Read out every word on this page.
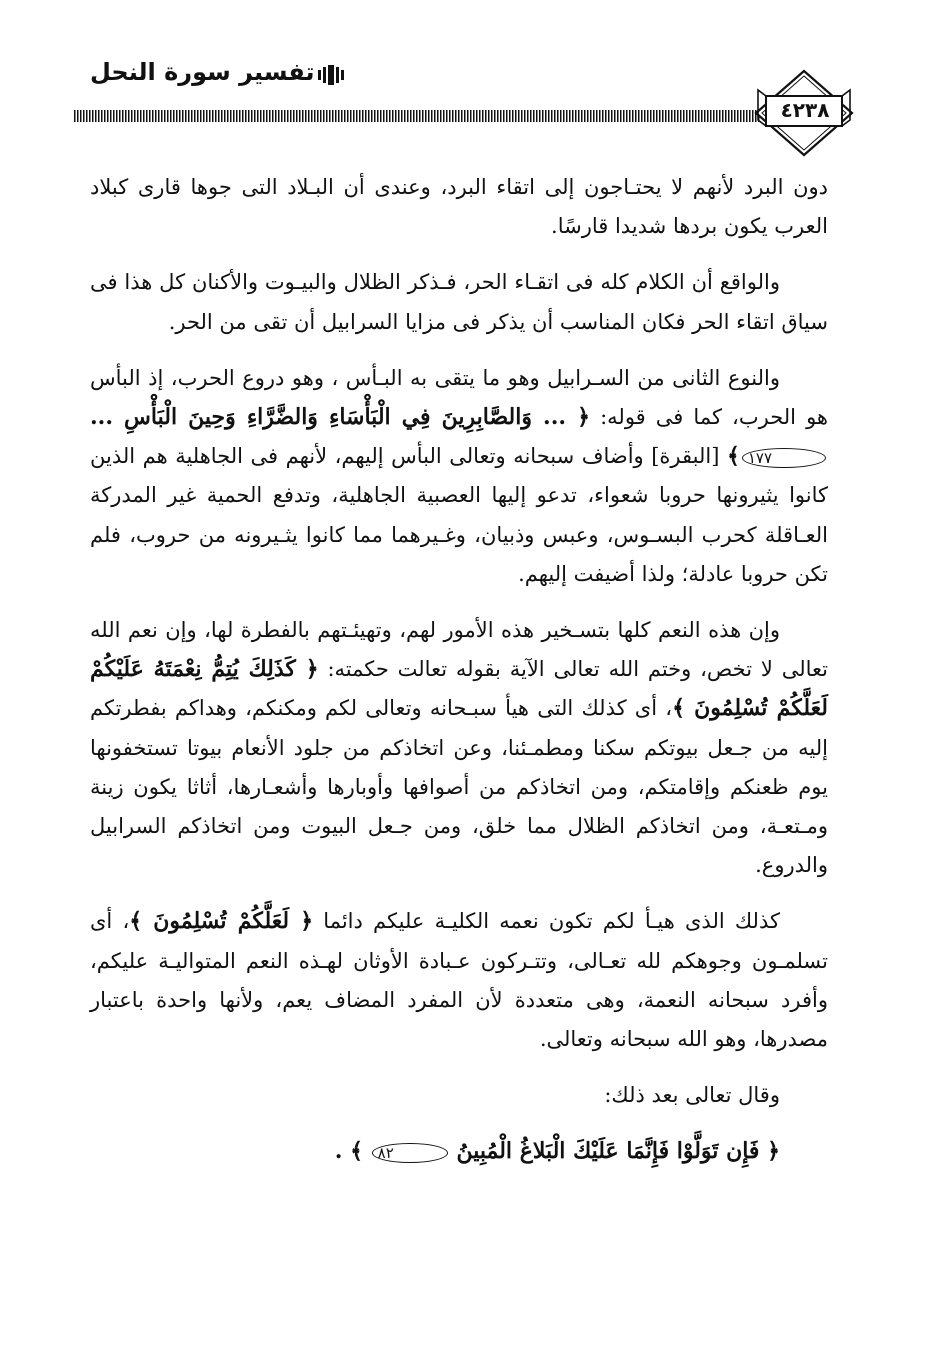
تفسير سورة النحل
٤٢٣٨

دون البرد لأنهم لا يحتـاجون إلى اتقاء البرد، وعندى أن البـلاد التى جوها قارى كبلاد العرب يكون بردها شديدا قارسًا.

والواقع أن الكلام كله فى اتقـاء الحر، فـذكر الظلال والبيـوت والأكنان كل هذا فى سياق اتقاء الحر فكان المناسب أن يذكر فى مزايا السرابيل أن تقى من الحر.

والنوع الثانى من السـرابيل وهو ما يتقى به البـأس ، وهو دروع الحرب، إذ البأس هو الحرب، كما فى قوله: ﴿ ... وَالصَّابِرِينَ فِي الْبَأْسَاءِ وَالضَّرَّاءِ وَحِينَ الْبَأْسِ ... ١٧٧﴾ [البقرة] وأضاف سبحانه وتعالى البأس إليهم، لأنهم فى الجاهلية هم الذين كانوا يثيرونها حروبا شعواء، تدعو إليها العصبية الجاهلية، وتدفع الحمية غير المدركة العـاقلة كحرب البسـوس، وعبس وذبيان، وغـيرهما مما كانوا يثـيرونه من حروب، فلم تكن حروبا عادلة؛ ولذا أضيفت إليهم.

وإن هذه النعم كلها بتسـخير هذه الأمور لهم، وتهيئـتهم بالفطرة لها، وإن نعم الله تعالى لا تخص، وختم الله تعالى الآية بقوله تعالت حكمته: ﴿ كَذَلِكَ يُتِمُّ نِعْمَتَهُ عَلَيْكُمْ لَعَلَّكُمْ تُسْلِمُونَ ﴾، أى كذلك التى هيأ سبـحانه وتعالى لكم ومكنكم، وهداكم بفطرتكم إليه من جـعل بيوتكم سكنا ومطمـئنا، وعن اتخاذكم من جلود الأنعام بيوتا تستخفونها يوم ظعنكم وإقامتكم، ومن اتخاذكم من أصوافها وأوبارها وأشعـارها، أثاثا يكون زينة ومـتعـة، ومن اتخاذكم الظلال مما خلق، ومن جـعل البيوت ومن اتخاذكم السرابيل والدروع.

كذلك الذى هيـأ لكم تكون نعمه الكليـة عليكم دائما ﴿ لَعَلَّكُمْ تُسْلِمُونَ ﴾، أى تسلمـون وجوهكم لله تعـالى، وتتـركون عـبادة الأوثان لهـذه النعم المتواليـة عليكم، وأفرد سبحانه النعمة، وهى متعددة لأن المفرد المضاف يعم، ولأنها واحدة باعتبار مصدرها، وهو الله سبحانه وتعالى.

وقال تعالى بعد ذلك:

﴿ فَإِن تَوَلَّوْا فَإِنَّمَا عَلَيْكَ الْبَلاغُ الْمُبِينُ ٨٢ ﴾ .
